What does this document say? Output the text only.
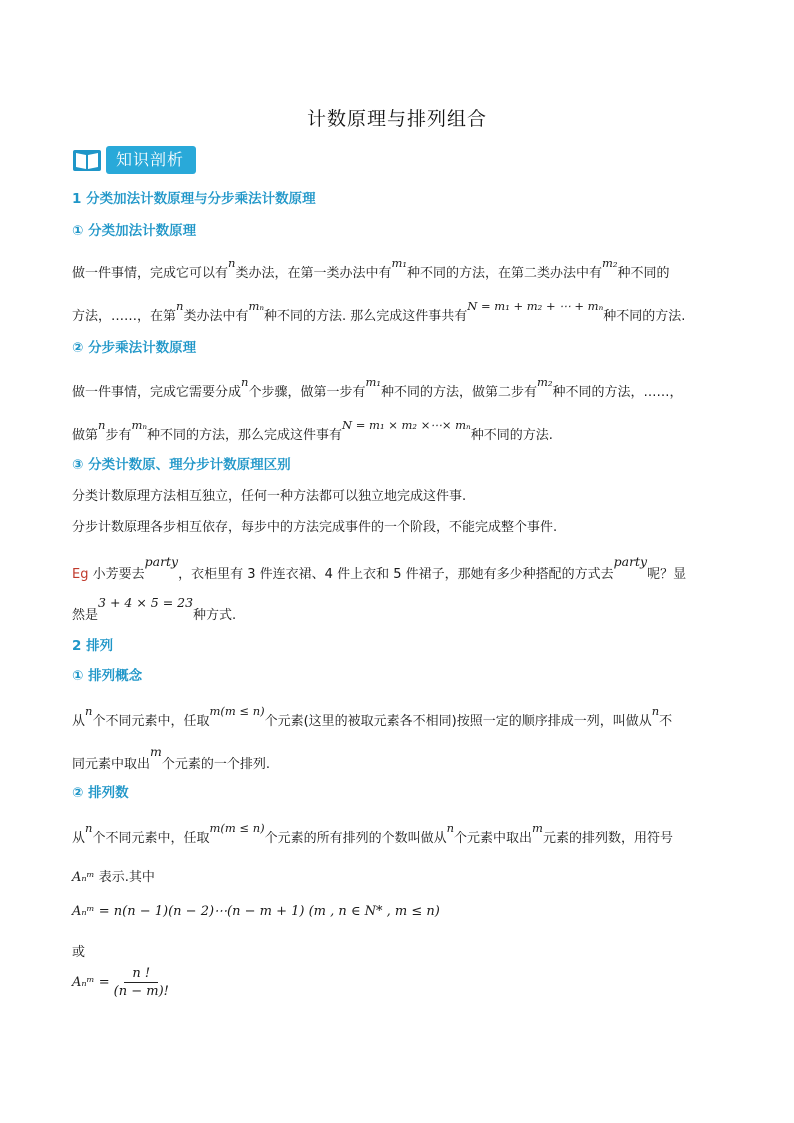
计数原理与排列组合
知识剖析
1 分类加法计数原理与分步乘法计数原理
① 分类加法计数原理
做一件事情，完成它可以有n类办法，在第一类办法中有m₁种不同的方法，在第二类办法中有m₂种不同的
方法，……，在第n类办法中有mₙ种不同的方法. 那么完成这件事共有N = m₁ + m₂ + ⋯ + mₙ种不同的方法.
② 分步乘法计数原理
做一件事情，完成它需要分成n个步骤，做第一步有m₁种不同的方法，做第二步有m₂种不同的方法，……，
做第n步有mₙ种不同的方法，那么完成这件事有N = m₁ × m₂ ×⋯× mₙ种不同的方法.
③ 分类计数原、理分步计数原理区别
分类计数原理方法相互独立，任何一种方法都可以独立地完成这件事.
分步计数原理各步相互依存，每步中的方法完成事件的一个阶段，不能完成整个事件.
Eg 小芳要去party，衣柜里有 3 件连衣裙、4 件上衣和 5 件裙子，那她有多少种搭配的方式去party呢？显
然是3 + 4 × 5 = 23种方式.
2 排列
① 排列概念
从n个不同元素中，任取m(m ≤ n)个元素(这里的被取元素各不相同)按照一定的顺序排成一列，叫做从n不
同元素中取出m个元素的一个排列.
② 排列数
从n个不同元素中，任取m(m ≤ n)个元素的所有排列的个数叫做从n个元素中取出m元素的排列数，用符号
Aₙᵐ 表示.其中
Aₙᵐ = n(n − 1)(n − 2)⋯(n − m + 1) (m , n ∈ N* , m ≤ n)
或
Aₙᵐ = $\frac{n !}{(n - m)!}$
